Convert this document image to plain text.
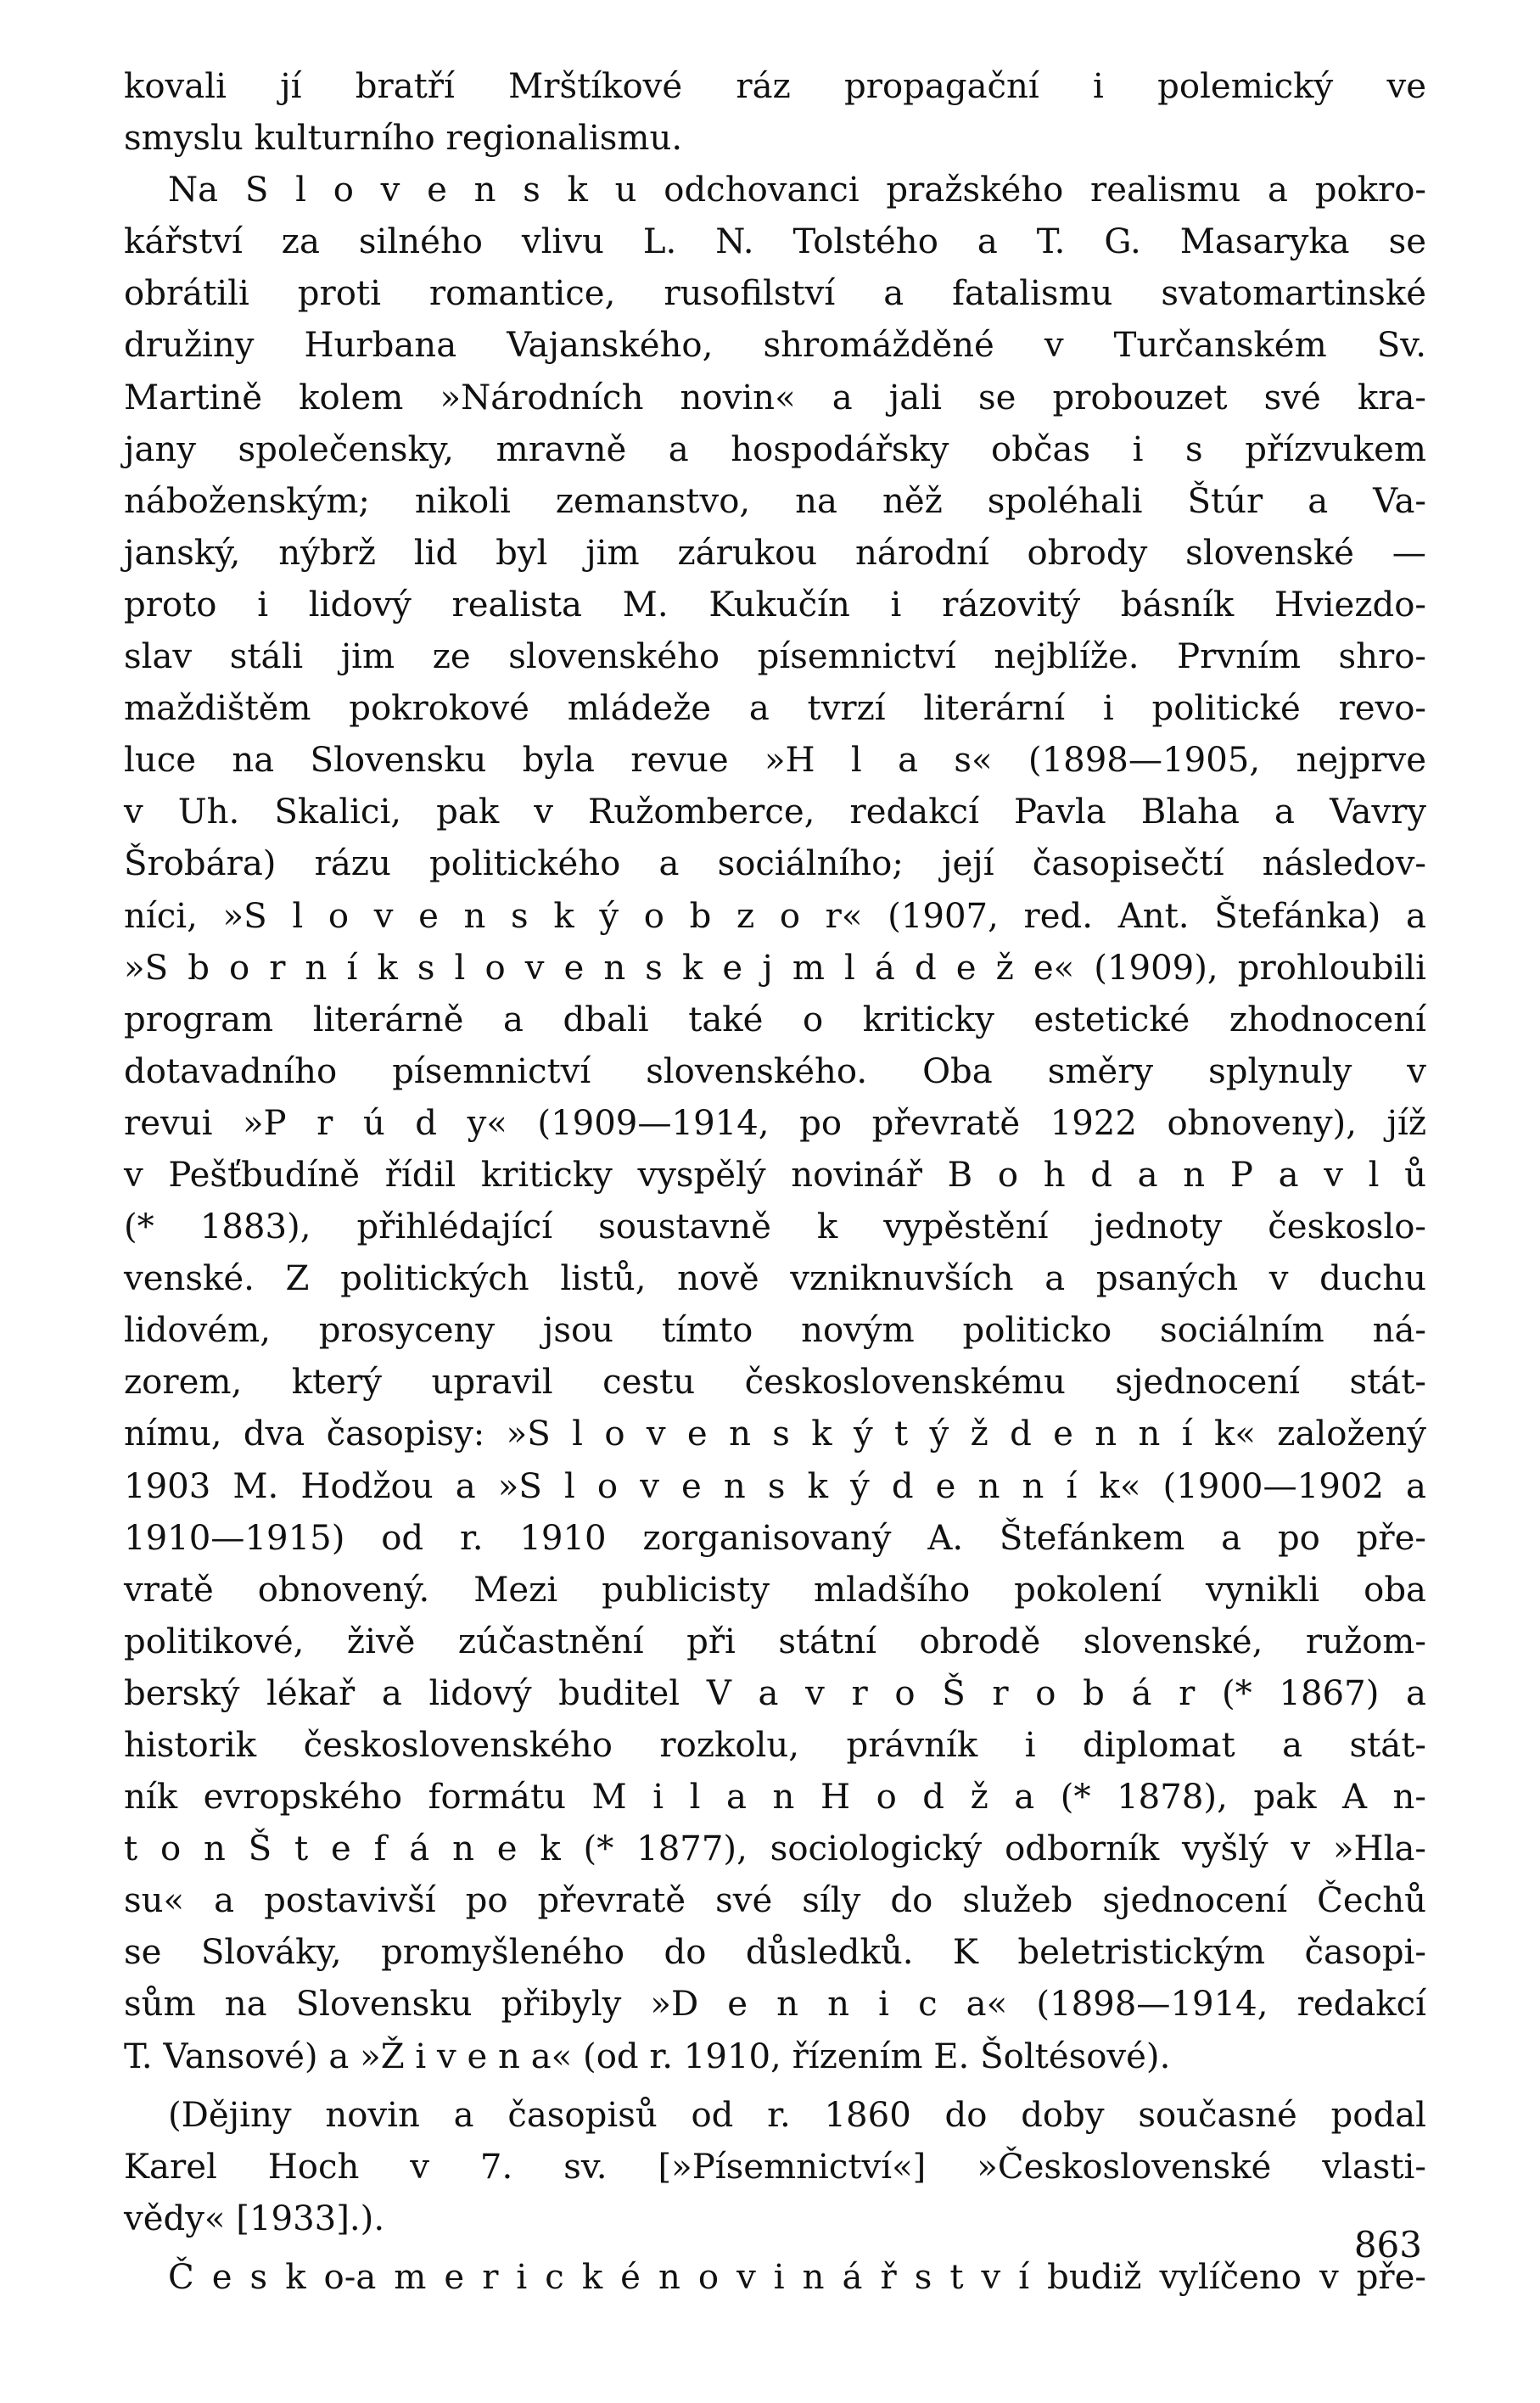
kovali jí bratří Mrštíkové ráz propagační i polemický ve
smyslu kulturního regionalismu.
Na S l o v e n s k u odchovanci pražského realismu a pokro-
kářství za silného vlivu L. N. Tolstého a T. G. Masaryka se
obrátili proti romantice, rusofilství a fatalismu svatomartinské
družiny Hurbana Vajanského, shromážděné v Turčanském Sv.
Martině kolem »Národních novin« a jali se probouzet své kra-
jany společensky, mravně a hospodářsky občas i s přízvukem
náboženským; nikoli zemanstvo, na něž spoléhali Štúr a Va-
janský, nýbrž lid byl jim zárukou národní obrody slovenské —
proto i lidový realista M. Kukučín i rázovitý básník Hviezdo-
slav stáli jim ze slovenského písemnictví nejblíže. Prvním shro-
maždištěm pokrokové mládeže a tvrzí literární i politické revo-
luce na Slovensku byla revue »H l a s« (1898—1905, nejprve
v Uh. Skalici, pak v Ružomberce, redakcí Pavla Blaha a Vavry
Šrobára) rázu politického a sociálního; její časopisečtí následov-
níci, »S l o v e n s k ý o b z o r« (1907, red. Ant. Štefánka) a
»S b o r n í k s l o v e n s k e j m l á d e ž e« (1909), prohloubili
program literárně a dbali také o kriticky estetické zhodnocení
dotavadního písemnictví slovenského. Oba směry splynuly v
revui »P r ú d y« (1909—1914, po převratě 1922 obnoveny), jíž
v Pešťbudíně řídil kriticky vyspělý novinář B o h d a n P a v l ů
(* 1883), přihlédající soustavně k vypěstění jednoty českoslo-
venské. Z politických listů, nově vzniknuvších a psaných v duchu
lidovém, prosyceny jsou tímto novým politicko sociálním ná-
zorem, který upravil cestu československému sjednocení stát-
nímu, dva časopisy: »S l o v e n s k ý t ý ž d e n n í k« založený
1903 M. Hodžou a »S l o v e n s k ý d e n n í k« (1900—1902 a
1910—1915) od r. 1910 zorganisovaný A. Štefánkem a po pře-
vratě obnovený. Mezi publicisty mladšího pokolení vynikli oba
politikové, živě zúčastnění při státní obrodě slovenské, ružom-
berský lékař a lidový buditel V a v r o Š r o b á r (* 1867) a
historik československého rozkolu, právník i diplomat a stát-
ník evropského formátu M i l a n H o d ž a (* 1878), pak A n-
t o n Š t e f á n e k (* 1877), sociologický odborník vyšlý v »Hla-
su« a postavivší po převratě své síly do služeb sjednocení Čechů
se Slováky, promyšleného do důsledků. K beletristickým časopi-
sům na Slovensku přibyly »D e n n i c a« (1898—1914, redakcí
T. Vansové) a »Ž i v e n a« (od r. 1910, řízením E. Šoltésové).
(Dějiny novin a časopisů od r. 1860 do doby současné podal
Karel Hoch v 7. sv. [»Písemnictví«] »Československé vlasti-
vědy« [1933].).
Č e s k o-a m e r i c k é n o v i n á ř s t v í budiž vylíčeno v pře-
863
